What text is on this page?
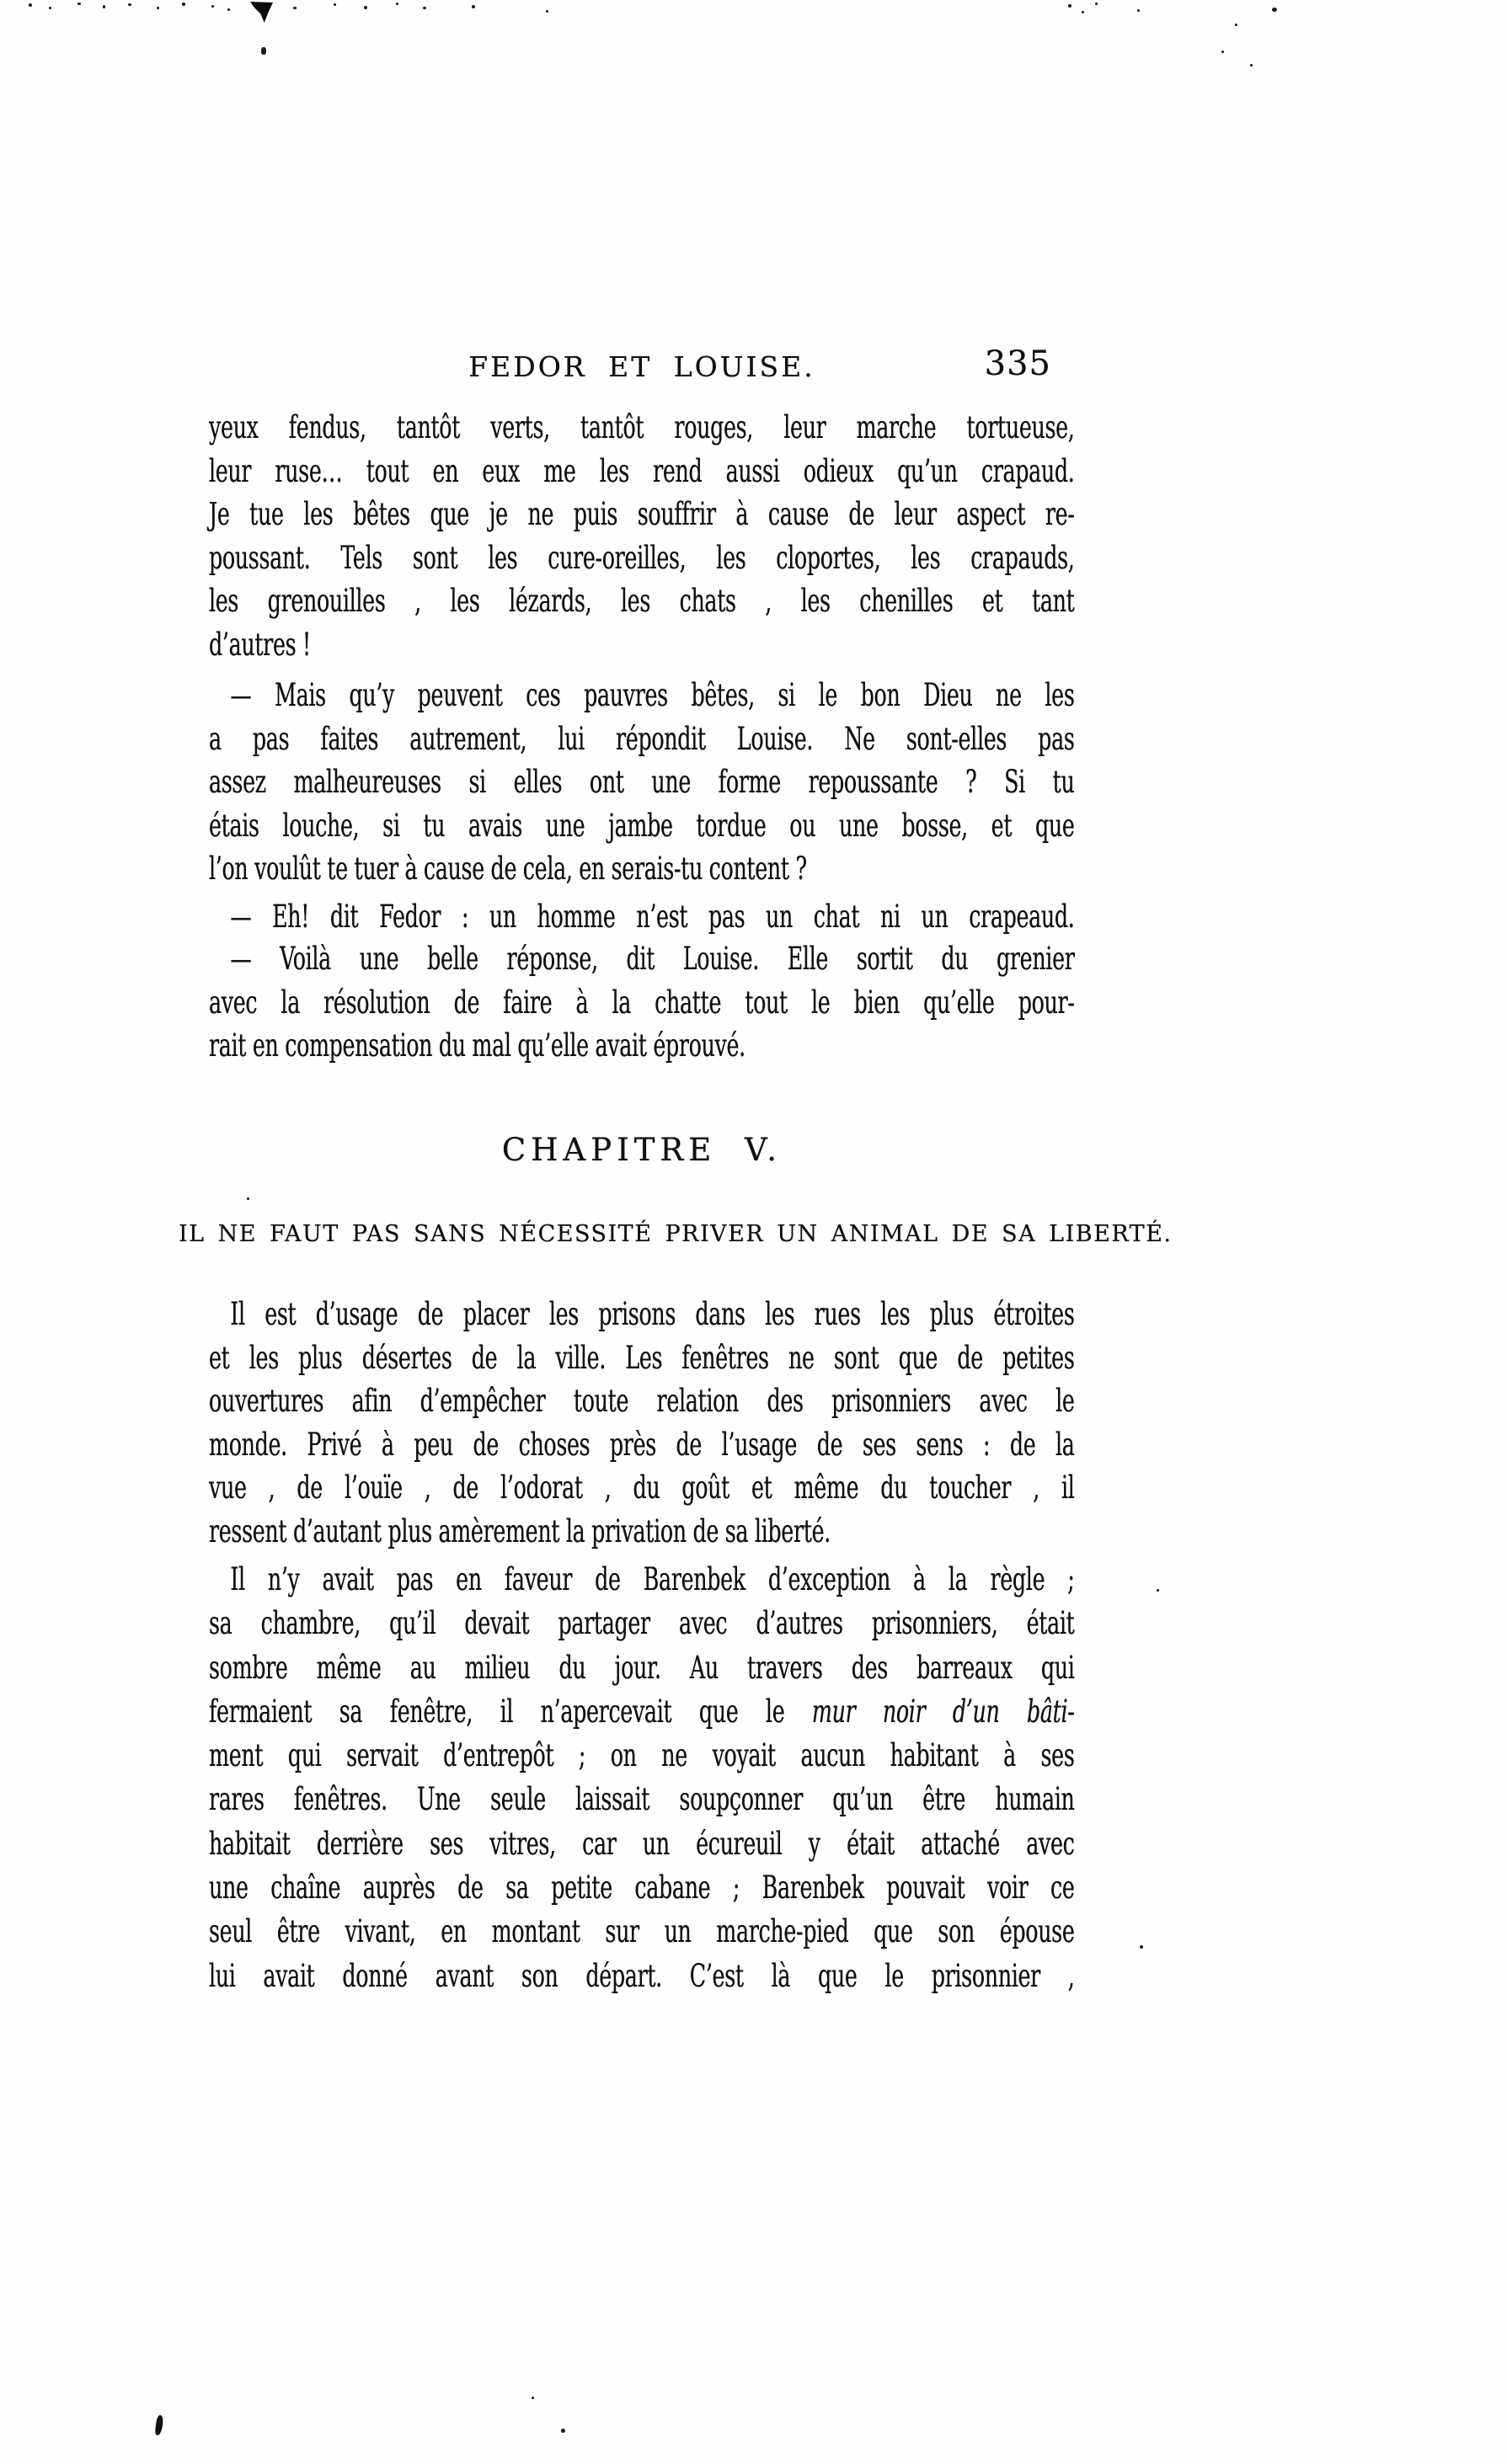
FEDOR ET LOUISE.	335
CHAPITRE V.
IL NE FAUT PAS SANS NÉCESSITÉ PRIVER UN ANIMAL DE SA LIBERTÉ.
yeux fendus, tantôt verts, tantôt rouges, leur marche tortueuse,
leur ruse… tout en eux me les rend aussi odieux qu’un crapaud.
Je tue les bêtes que je ne puis souffrir à cause de leur aspect re-
poussant. Tels sont les cure-oreilles, les cloportes, les crapauds,
les grenouilles , les lézards, les chats , les chenilles et tant
d’autres !
— Mais qu’y peuvent ces pauvres bêtes, si le bon Dieu ne les
a pas faites autrement, lui répondit Louise. Ne sont-elles pas
assez malheureuses si elles ont une forme repoussante ? Si tu
étais louche, si tu avais une jambe tordue ou une bosse, et que
l’on voulût te tuer à cause de cela, en serais-tu content ?
— Eh! dit Fedor : un homme n’est pas un chat ni un crapeaud.
— Voilà une belle réponse, dit Louise. Elle sortit du grenier
avec la résolution de faire à la chatte tout le bien qu’elle pour-
rait en compensation du mal qu’elle avait éprouvé.
Il est d’usage de placer les prisons dans les rues les plus étroites
et les plus désertes de la ville. Les fenêtres ne sont que de petites
ouvertures afin d’empêcher toute relation des prisonniers avec le
monde. Privé à peu de choses près de l’usage de ses sens : de la
vue , de l’ouïe , de l’odorat , du goût et même du toucher , il
ressent d’autant plus amèrement la privation de sa liberté.
Il n’y avait pas en faveur de Barenbek d’exception à la règle ;
sa chambre, qu’il devait partager avec d’autres prisonniers, était
sombre même au milieu du jour. Au travers des barreaux qui
fermaient sa fenêtre, il n’apercevait que le mur noir d’un bâti-
ment qui servait d’entrepôt ; on ne voyait aucun habitant à ses
rares fenêtres. Une seule laissait soupçonner qu’un être humain
habitait derrière ses vitres, car un écureuil y était attaché avec
une chaîne auprès de sa petite cabane ; Barenbek pouvait voir ce
seul être vivant, en montant sur un marche-pied que son épouse
lui avait donné avant son départ. C’est là que le prisonnier ,
